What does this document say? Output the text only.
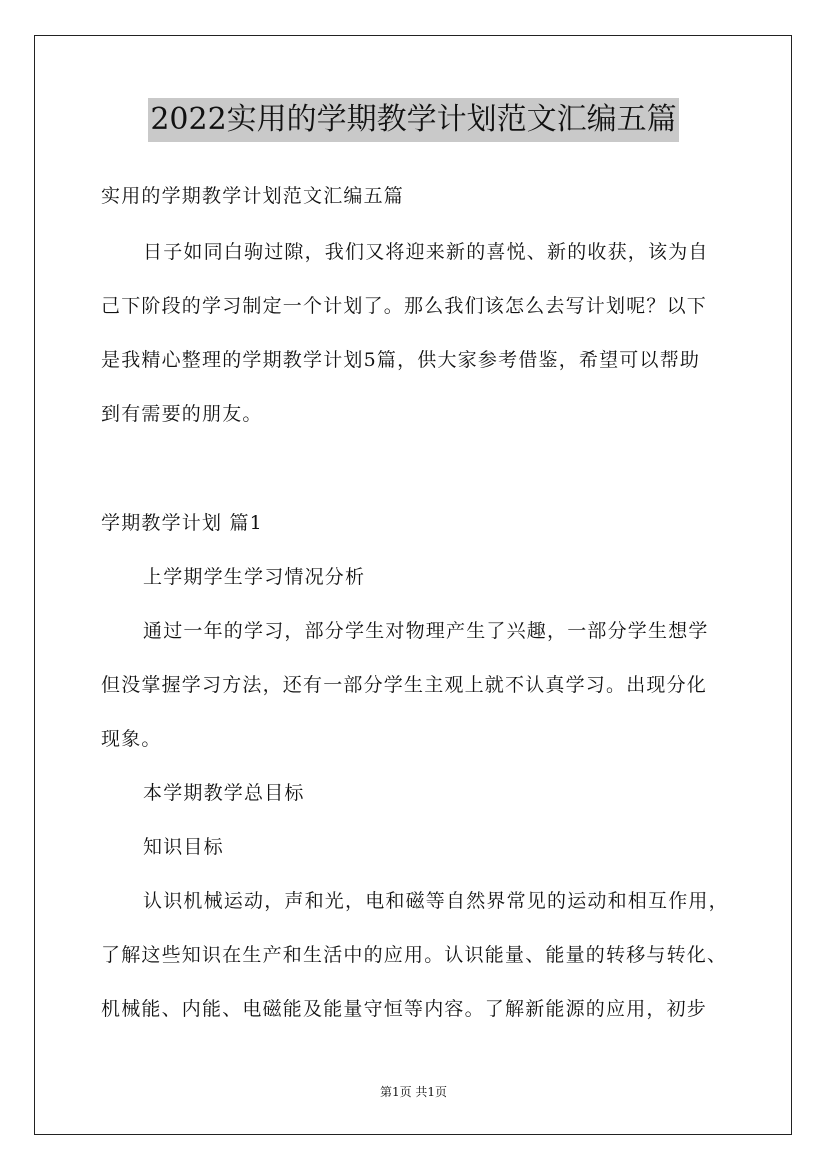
2022实用的学期教学计划范文汇编五篇
实用的学期教学计划范文汇编五篇
日子如同白驹过隙，我们又将迎来新的喜悦、新的收获，该为自
己下阶段的学习制定一个计划了。那么我们该怎么去写计划呢？以下
是我精心整理的学期教学计划5篇，供大家参考借鉴，希望可以帮助
到有需要的朋友。
学期教学计划 篇1
上学期学生学习情况分析
通过一年的学习，部分学生对物理产生了兴趣，一部分学生想学
但没掌握学习方法，还有一部分学生主观上就不认真学习。出现分化
现象。
本学期教学总目标
知识目标
认识机械运动，声和光，电和磁等自然界常见的运动和相互作用，
了解这些知识在生产和生活中的应用。认识能量、能量的转移与转化、
机械能、内能、电磁能及能量守恒等内容。了解新能源的应用，初步
第1页 共1页
